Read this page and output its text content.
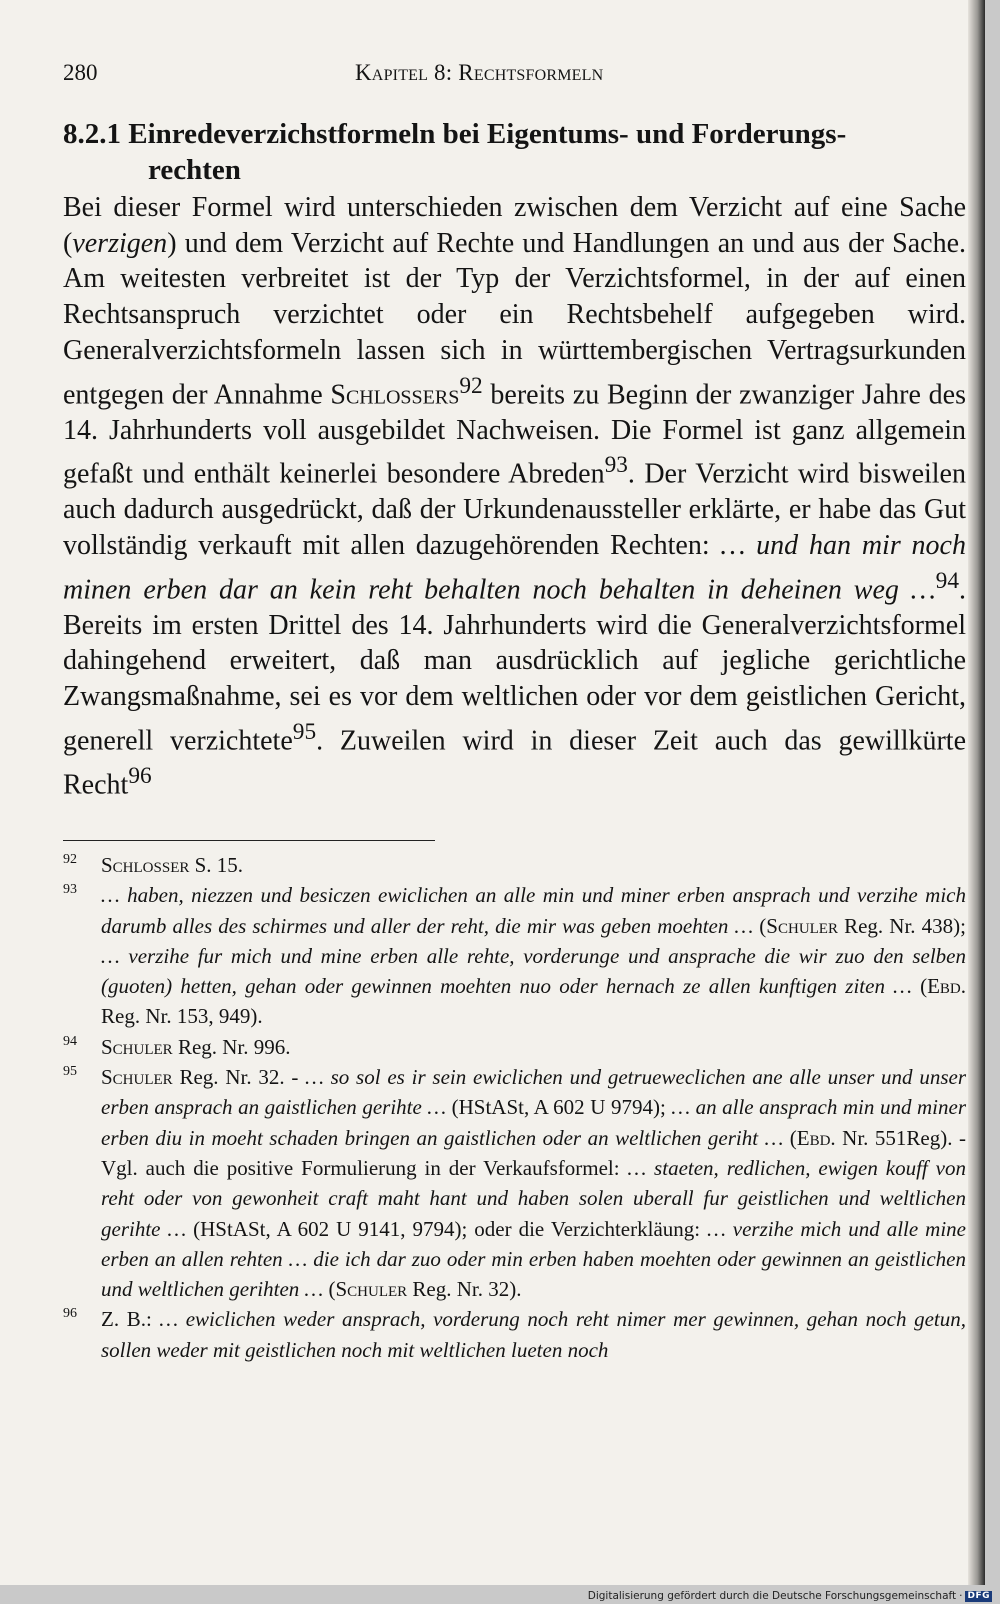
280	Kapitel 8: Rechtsformeln
8.2.1 Einredeverzichstformeln bei Eigentums- und Forderungs-
rechten

Bei dieser Formel wird unterschieden zwischen dem Verzicht auf eine Sache (verzigen) und dem Verzicht auf Rechte und Handlungen an und aus der Sache. Am weitesten verbreitet ist der Typ der Verzichtsformel, in der auf einen Rechtsanspruch verzichtet oder ein Rechtsbehelf aufgegeben wird. Generalverzichtsformeln lassen sich in württembergischen Vertragsurkunden entgegen der Annahme Schlossers$^{92}$ bereits zu Beginn der zwanziger Jahre des 14. Jahrhunderts voll ausgebildet Nachweisen. Die Formel ist ganz allgemein gefaßt und enthält keinerlei besondere Abreden$^{93}$. Der Verzicht wird bisweilen auch dadurch ausgedrückt, daß der Urkundenaussteller erklärte, er habe das Gut vollständig verkauft mit allen dazugehörenden Rechten: … und han mir noch minen erben dar an kein reht behalten noch behalten in deheinen weg …$^{94}$. Bereits im ersten Drittel des 14. Jahrhunderts wird die Generalverzichtsformel dahingehend erweitert, daß man ausdrücklich auf jegliche gerichtliche Zwangsmaßnahme, sei es vor dem weltlichen oder vor dem geistlichen Gericht, generell verzichtete$^{95}$. Zuweilen wird in dieser Zeit auch das gewillkürte Recht$^{96}$

92	Schlosser S. 15.
93	… haben, niezzen und besiczen ewiclichen an alle min und miner erben ansprach und verzihe mich darumb alles des schirmes und aller der reht, die mir was geben moehten … (Schuler Reg. Nr. 438); … verzihe fur mich und mine erben alle rehte, vorderunge und ansprache die wir zuo den selben (guoten) hetten, gehan oder gewinnen moehten nuo oder hernach ze allen kunftigen ziten … (Ebd. Reg. Nr. 153, 949).
94	Schuler Reg. Nr. 996.
95	Schuler Reg. Nr. 32. - … so sol es ir sein ewiclichen und getrueweclichen ane alle unser und unser erben ansprach an gaistlichen gerihte … (HStASt, A 602 U 9794); … an alle ansprach min und miner erben diu in moeht schaden bringen an gaistlichen oder an weltlichen geriht … (Ebd. Nr. 551Reg). - Vgl. auch die positive Formulierung in der Verkaufsformel: … staeten, redlichen, ewigen kouff von reht oder von gewonheit craft maht hant und haben solen uberall fur geistlichen und weltlichen gerihte … (HStASt, A 602 U 9141, 9794); oder die Verzichterkläung: … verzihe mich und alle mine erben an allen rehten … die ich dar zuo oder min erben haben moehten oder gewinnen an geistlichen und weltlichen gerihten … (Schuler Reg. Nr. 32).
96	Z. B.: … ewiclichen weder ansprach, vorderung noch reht nimer mer gewinnen, gehan noch getun, sollen weder mit geistlichen noch mit weltlichen lueten noch
Digitalisierung gefördert durch die Deutsche Forschungsgemeinschaft · DFG
